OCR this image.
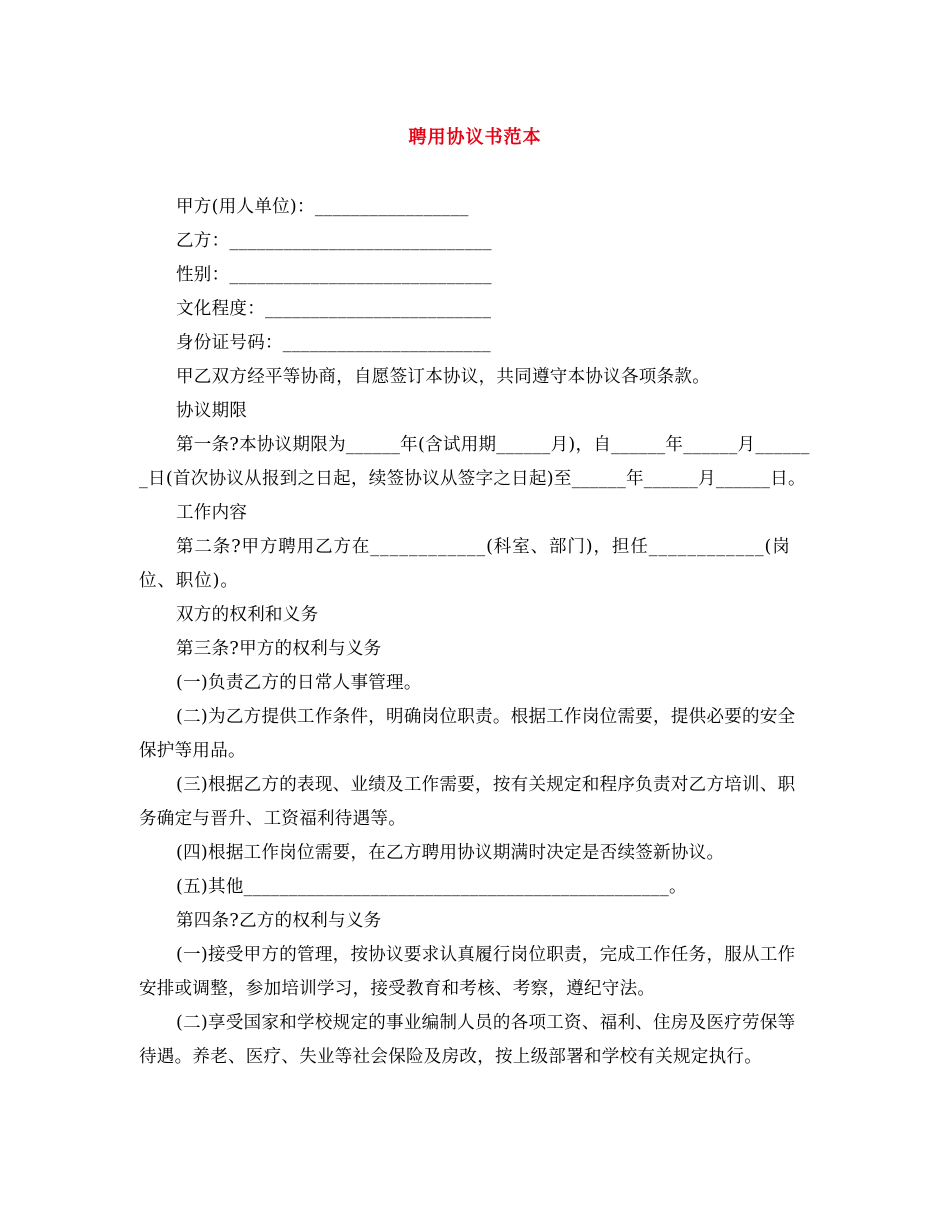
聘用协议书范本

甲方(用人单位)：_________________

乙方：_____________________________

性别：_____________________________

文化程度：_________________________

身份证号码：_______________________

甲乙双方经平等协商，自愿签订本协议，共同遵守本协议各项条款。

协议期限

第一条?本协议期限为______年(含试用期______月)，自______年______月_______日(首次协议从报到之日起，续签协议从签字之日起)至______年______月______日。

工作内容

第二条?甲方聘用乙方在____________(科室、部门)，担任____________(岗位、职位)。

双方的权利和义务

第三条?甲方的权利与义务

(一)负责乙方的日常人事管理。

(二)为乙方提供工作条件，明确岗位职责。根据工作岗位需要，提供必要的安全保护等用品。

(三)根据乙方的表现、业绩及工作需要，按有关规定和程序负责对乙方培训、职务确定与晋升、工资福利待遇等。

(四)根据工作岗位需要，在乙方聘用协议期满时决定是否续签新协议。

(五)其他_______________________________________________。

第四条?乙方的权利与义务

(一)接受甲方的管理，按协议要求认真履行岗位职责，完成工作任务，服从工作安排或调整，参加培训学习，接受教育和考核、考察，遵纪守法。

(二)享受国家和学校规定的事业编制人员的各项工资、福利、住房及医疗劳保等待遇。养老、医疗、失业等社会保险及房改，按上级部署和学校有关规定执行。
